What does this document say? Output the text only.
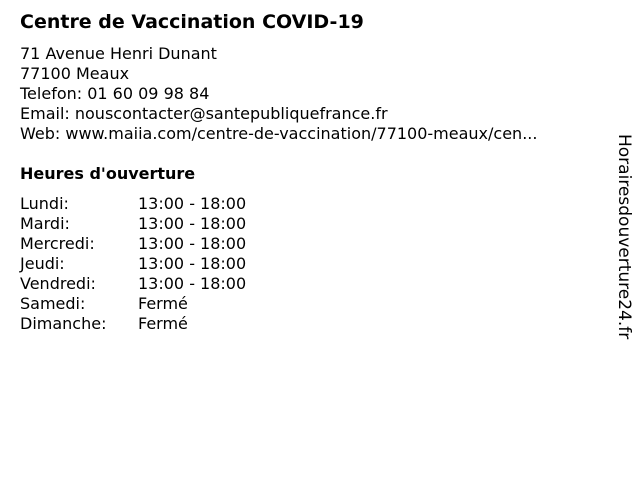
Centre de Vaccination COVID-19
71 Avenue Henri Dunant
77100 Meaux
Telefon: 01 60 09 98 84
Email: nouscontacter@santepubliquefrance.fr
Web: www.maiia.com/centre-de-vaccination/77100-meaux/cen...
Heures d'ouverture
Lundi:	13:00 - 18:00
Mardi:	13:00 - 18:00
Mercredi:	13:00 - 18:00
Jeudi:	13:00 - 18:00
Vendredi:	13:00 - 18:00
Samedi:	Fermé
Dimanche:	Fermé	Horairesdouverture24.fr
